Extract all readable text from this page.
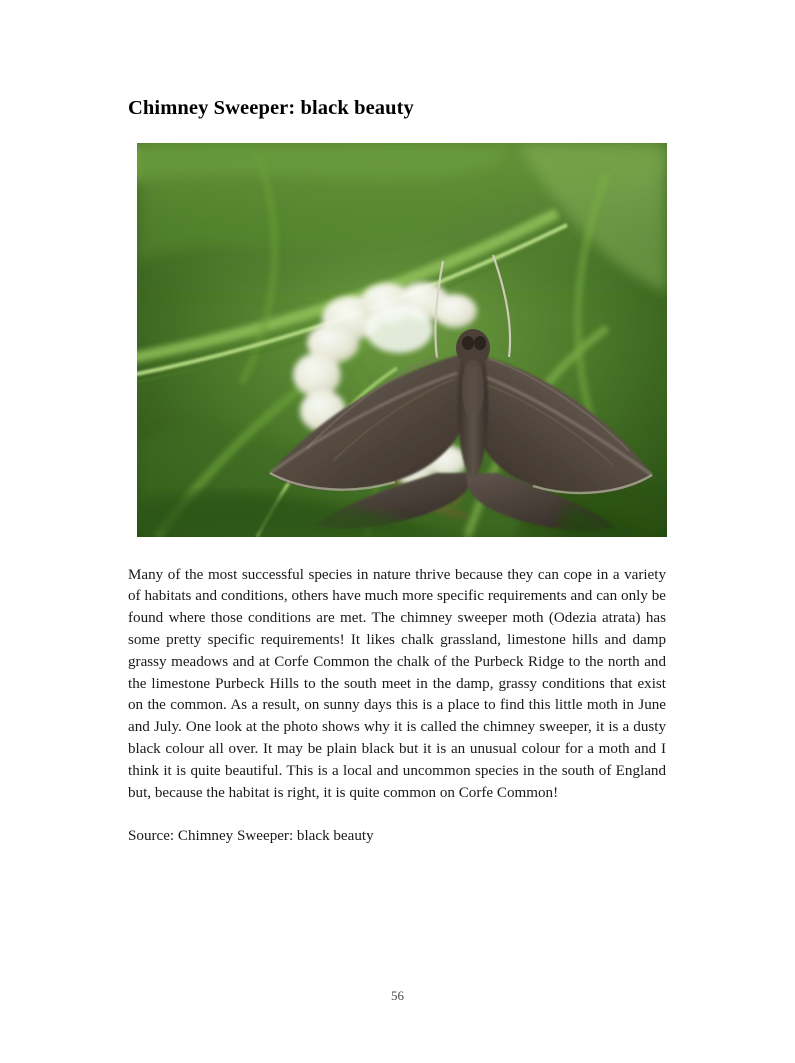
Chimney Sweeper: black beauty

Many of the most successful species in nature thrive because they can cope in a variety of habitats and conditions, others have much more specific requirements and can only be found where those conditions are met. The chimney sweeper moth (Odezia atrata) has some pretty specific requirements! It likes chalk grassland, limestone hills and damp grassy meadows and at Corfe Common the chalk of the Purbeck Ridge to the north and the limestone Purbeck Hills to the south meet in the damp, grassy conditions that exist on the common. As a result, on sunny days this is a place to find this little moth in June and July. One look at the photo shows why it is called the chimney sweeper, it is a dusty black colour all over. It may be plain black but it is an unusual colour for a moth and I think it is quite beautiful. This is a local and uncommon species in the south of England but, because the habitat is right, it is quite common on Corfe Common!

Source: Chimney Sweeper: black beauty

56
